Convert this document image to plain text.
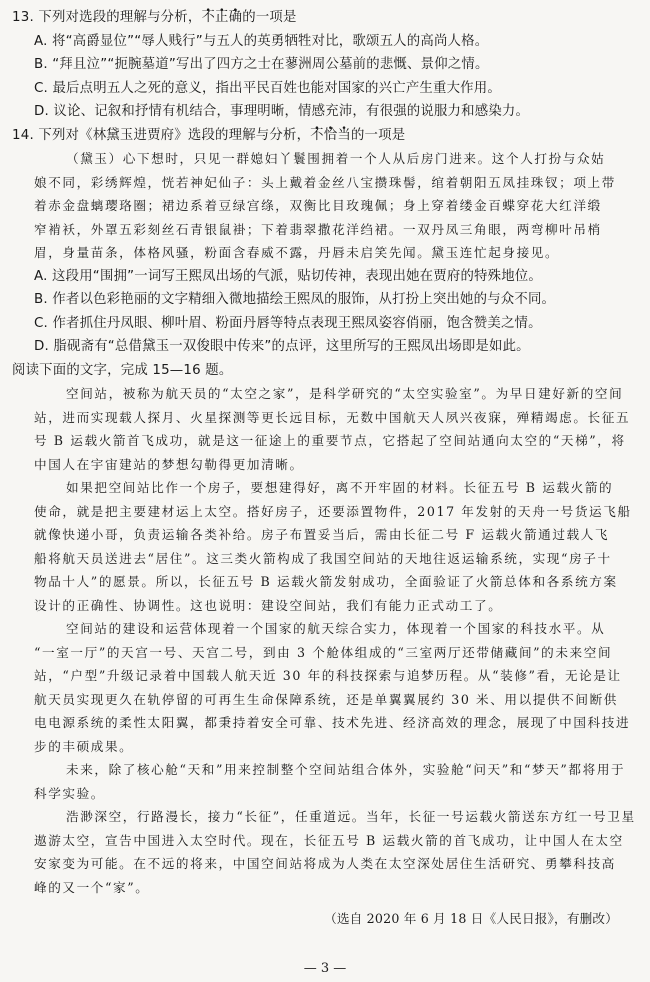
13. 下列对选段的理解与分析，不正确的一项是
A. 将“高爵显位”“辱人贱行”与五人的英勇牺牲对比，歌颂五人的高尚人格。
B. “拜且泣”“扼腕墓道”写出了四方之士在蓼洲周公墓前的悲慨、景仰之情。
C. 最后点明五人之死的意义，指出平民百姓也能对国家的兴亡产生重大作用。
D. 议论、记叙和抒情有机结合，事理明晰，情感充沛，有很强的说服力和感染力。
14. 下列对《林黛玉进贾府》选段的理解与分析，不恰当的一项是
（黛玉）心下想时，只见一群媳妇丫鬟围拥着一个人从后房门进来。这个人打扮与众姑
娘不同，彩绣辉煌，恍若神妃仙子：头上戴着金丝八宝攒珠髻，绾着朝阳五凤挂珠钗；项上带
着赤金盘螭璎珞圈；裙边系着豆绿宫绦，双衡比目玫瑰佩；身上穿着缕金百蝶穿花大红洋缎
窄褃袄，外罩五彩刻丝石青银鼠褂；下着翡翠撒花洋绉裙。一双丹凤三角眼，两弯柳叶吊梢
眉，身量苗条，体格风骚，粉面含春威不露，丹唇未启笑先闻。黛玉连忙起身接见。
A. 这段用“围拥”一词写王熙凤出场的气派，贴切传神，表现出她在贾府的特殊地位。
B. 作者以色彩艳丽的文字精细入微地描绘王熙凤的服饰，从打扮上突出她的与众不同。
C. 作者抓住丹凤眼、柳叶眉、粉面丹唇等特点表现王熙凤姿容俏丽，饱含赞美之情。
D. 脂砚斋有“总借黛玉一双俊眼中传来”的点评，这里所写的王熙凤出场即是如此。
阅读下面的文字，完成 15—16 题。
空间站，被称为航天员的“太空之家”，是科学研究的“太空实验室”。为早日建好新的空间
站，进而实现载人探月、火星探测等更长远目标，无数中国航天人夙兴夜寐，殚精竭虑。长征五
号 B 运载火箭首飞成功，就是这一征途上的重要节点，它搭起了空间站通向太空的“天梯”，将
中国人在宇宙建站的梦想勾勒得更加清晰。
如果把空间站比作一个房子，要想建得好，离不开牢固的材料。长征五号 B 运载火箭的
使命，就是把主要建材运上太空。搭好房子，还要添置物件，2017 年发射的天舟一号货运飞船
就像快递小哥，负责运输各类补给。房子布置妥当后，需由长征二号 F 运载火箭通过载人飞
船将航天员送进去“居住”。这三类火箭构成了我国空间站的天地往返运输系统，实现“房子十
物品十人”的愿景。所以，长征五号 B 运载火箭发射成功，全面验证了火箭总体和各系统方案
设计的正确性、协调性。这也说明：建设空间站，我们有能力正式动工了。
空间站的建设和运营体现着一个国家的航天综合实力，体现着一个国家的科技水平。从
“一室一厅”的天宫一号、天宫二号，到由 3 个舱体组成的“三室两厅还带储藏间”的未来空间
站，“户型”升级记录着中国载人航天近 30 年的科技探索与追梦历程。从“装修”看，无论是让
航天员实现更久在轨停留的可再生生命保障系统，还是单翼翼展约 30 米、用以提供不间断供
电电源系统的柔性太阳翼，都秉持着安全可靠、技术先进、经济高效的理念，展现了中国科技进
步的丰硕成果。
未来，除了核心舱“天和”用来控制整个空间站组合体外，实验舱“问天”和“梦天”都将用于
科学实验。
浩渺深空，行路漫长，接力“长征”，任重道远。当年，长征一号运载火箭送东方红一号卫星
遨游太空，宣告中国进入太空时代。现在，长征五号 B 运载火箭的首飞成功，让中国人在太空
安家变为可能。在不远的将来，中国空间站将成为人类在太空深处居住生活研究、勇攀科技高
峰的又一个“家”。
（选自 2020 年 6 月 18 日《人民日报》，有删改）
— 3 —
